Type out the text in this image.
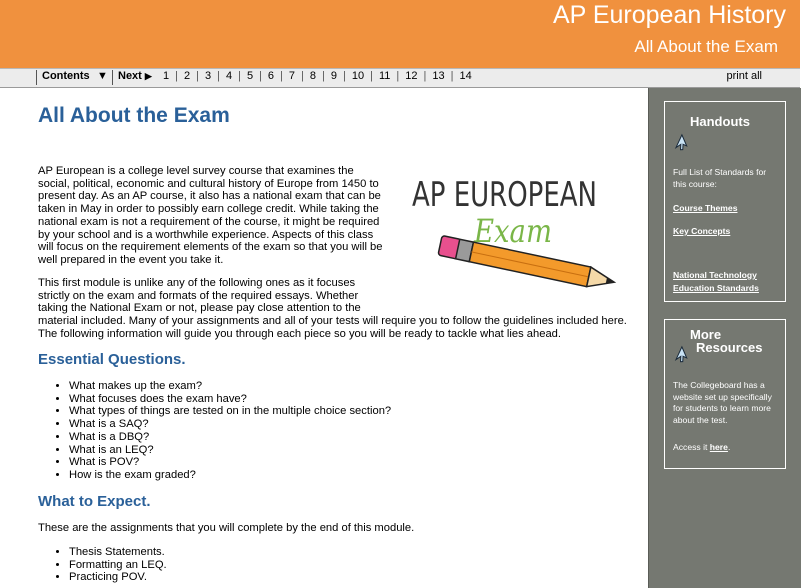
AP European History
All About the Exam
Contents ▼ Next ▶ 1 | 2 | 3 | 4 | 5 | 6 | 7 | 8 | 9 | 10 | 11 | 12 | 13 | 14	print all
All About the Exam

AP European is a college level survey course that examines the social, political, economic and cultural history of Europe from 1450 to present day. As an AP course, it also has a national exam that can be taken in May in order to possibly earn college credit. While taking the national exam is not a requirement of the course, it might be required by your school and is a worthwhile experience. Aspects of this class will focus on the requirement elements of the exam so that you will be well prepared in the event you take it.

AP EUROPEAN
Exam

This first module is unlike any of the following ones as it focuses strictly on the exam and formats of the required essays. Whether taking the National Exam or not, please pay close attention to the

material included. Many of your assignments and all of your tests will require you to follow the guidelines included here. The following information will guide you through each piece so you will be ready to tackle what lies ahead.

Essential Questions.
• What makes up the exam?
• What focuses does the exam have?
• What types of things are tested on in the multiple choice section?
• What is a SAQ?
• What is a DBQ?
• What is an LEQ?
• What is POV?
• How is the exam graded?
What to Expect.

These are the assignments that you will complete by the end of this module.

• Thesis Statements.
• Formatting an LEQ.
• Practicing POV.
Handouts

Full List of Standards for this course:

Course Themes
Key Concepts
National Technology Education Standards
More
Resources

The Collegeboard has a website set up specifically for students to learn more about the test.

Access it here.
